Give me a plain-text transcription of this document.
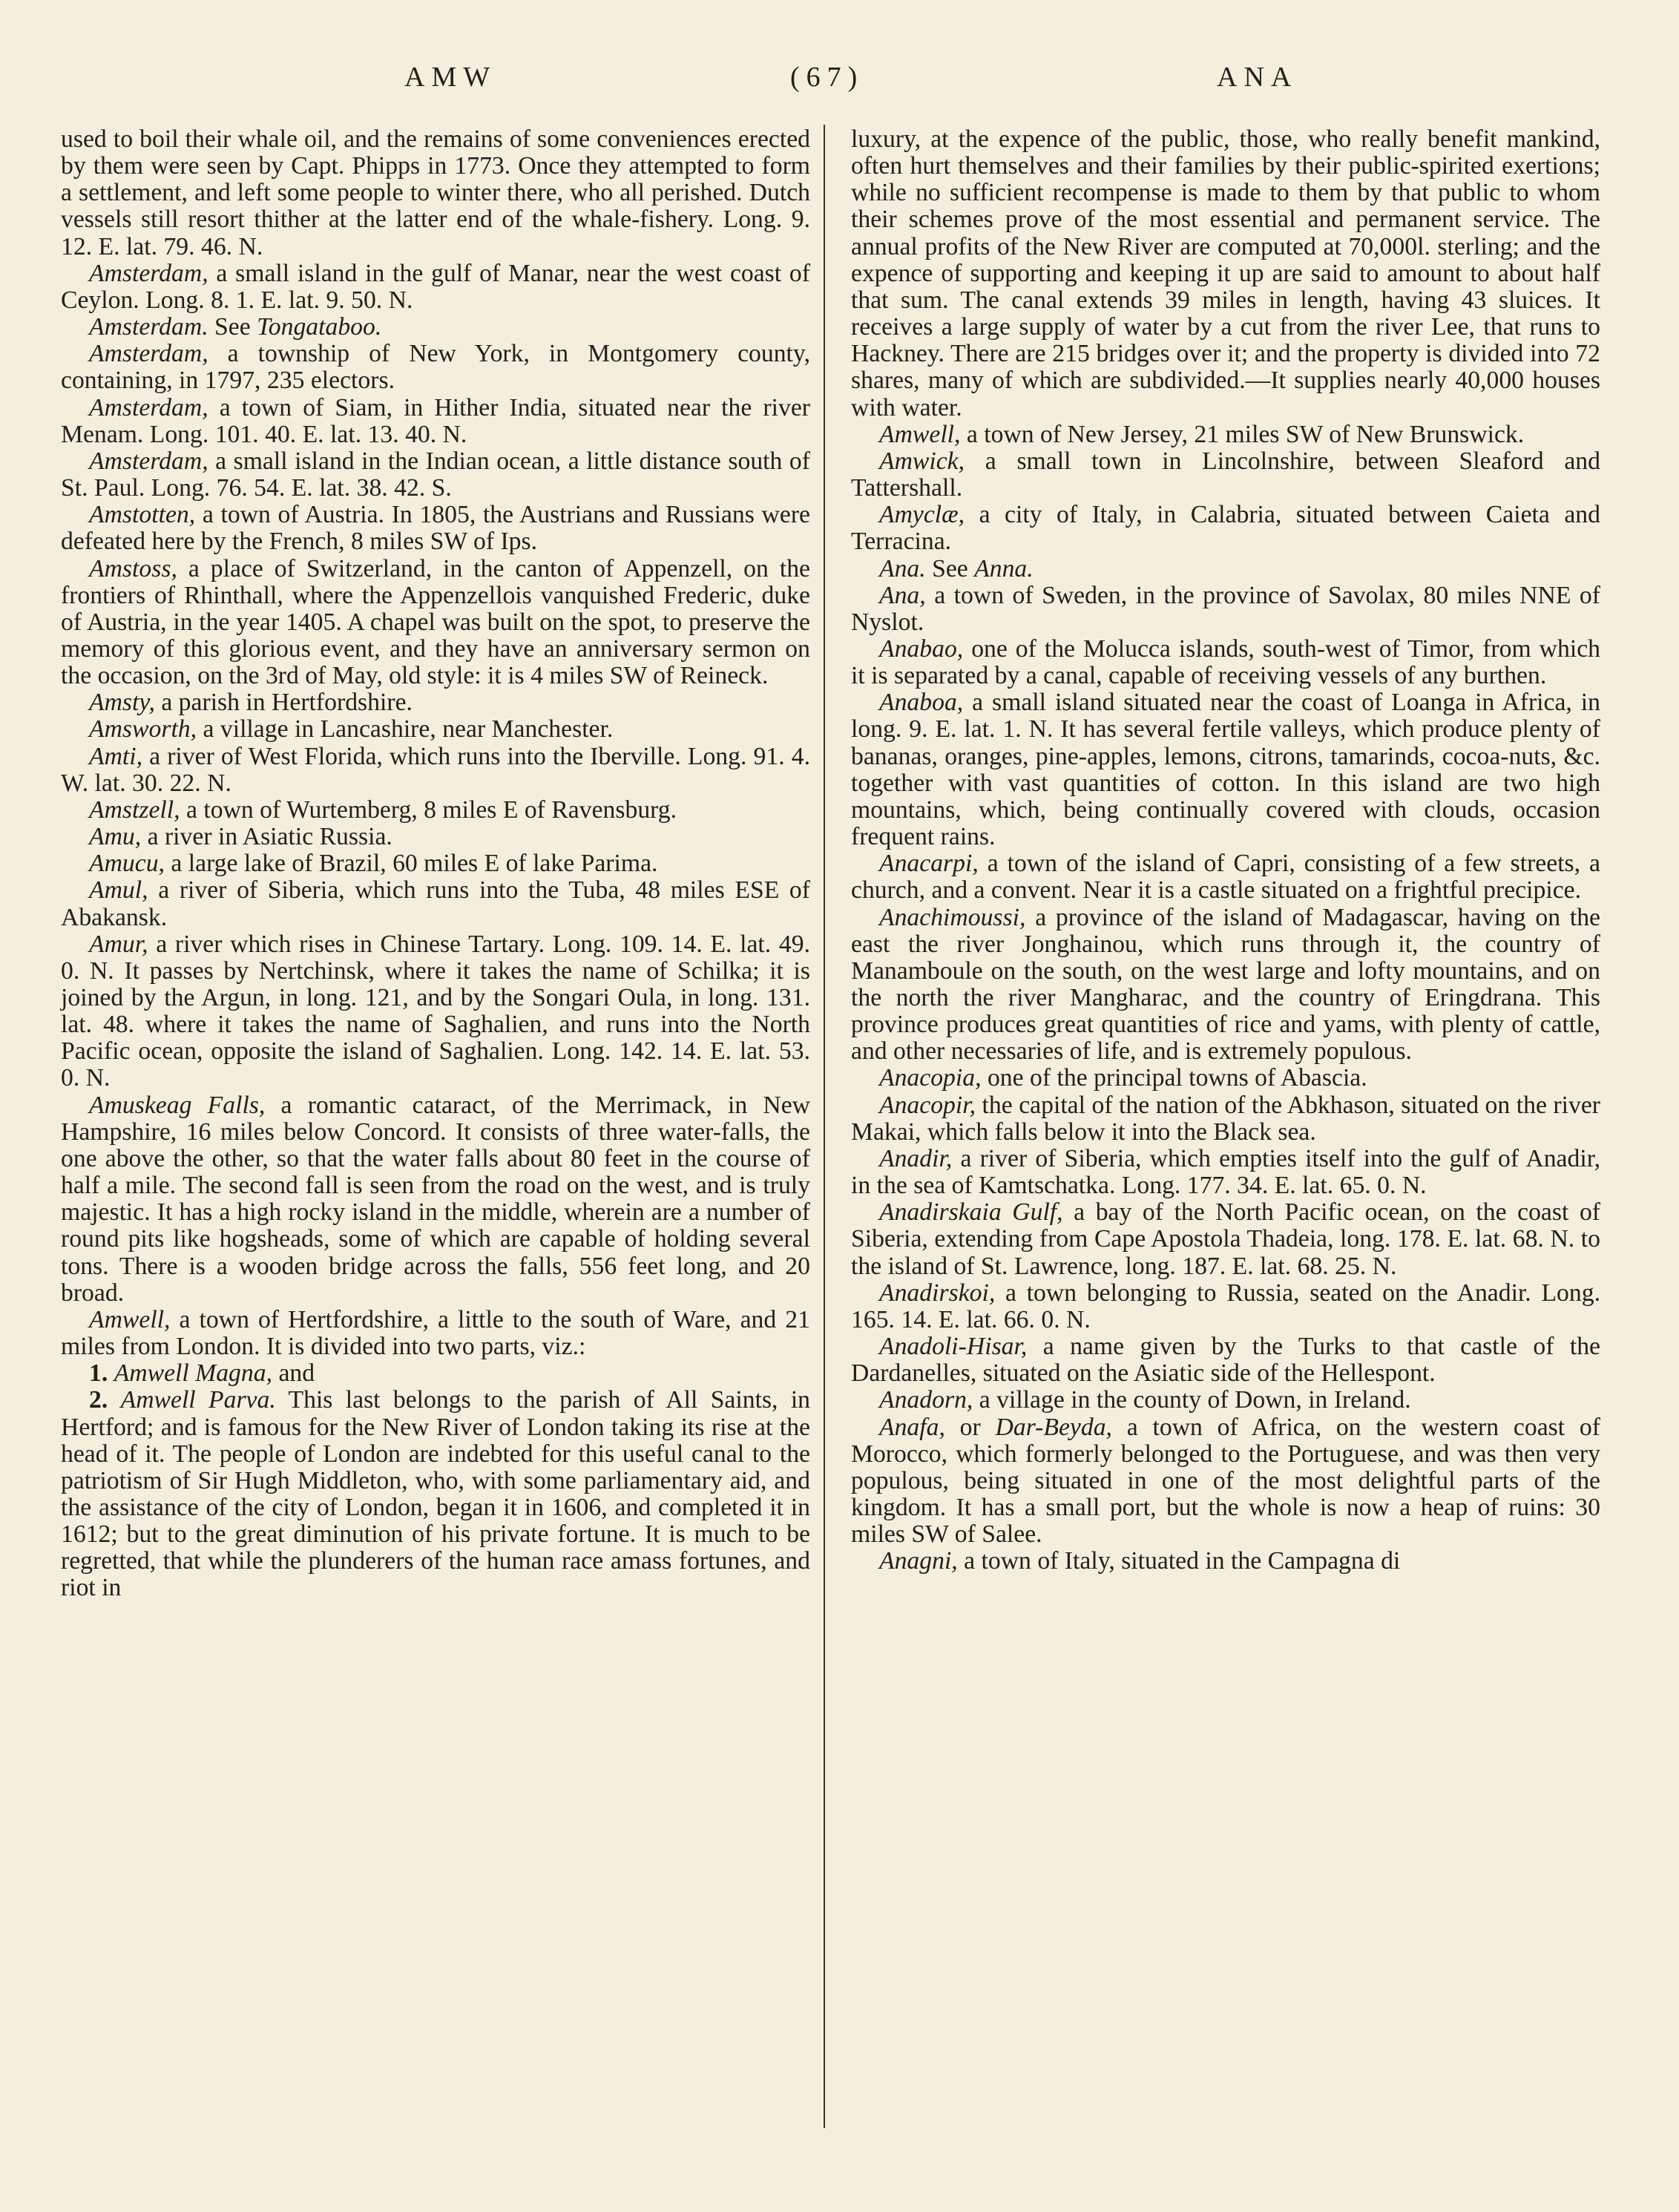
AMW	(67)	ANA

used to boil their whale oil, and the remains of some conveniences erected by them were seen by Capt. Phipps in 1773. Once they attempted to form a settlement, and left some people to winter there, who all perished. Dutch vessels still resort thither at the latter end of the whale-fishery. Long. 9. 12. E. lat. 79. 46. N.

Amsterdam, a small island in the gulf of Manar, near the west coast of Ceylon. Long. 8. 1. E. lat. 9. 50. N.

Amsterdam. See Tongataboo.

Amsterdam, a township of New York, in Montgomery county, containing, in 1797, 235 electors.

Amsterdam, a town of Siam, in Hither India, situated near the river Menam. Long. 101. 40. E. lat. 13. 40. N.

Amsterdam, a small island in the Indian ocean, a little distance south of St. Paul. Long. 76. 54. E. lat. 38. 42. S.

Amstotten, a town of Austria. In 1805, the Austrians and Russians were defeated here by the French, 8 miles SW of Ips.

Amstoss, a place of Switzerland, in the canton of Appenzell, on the frontiers of Rhinthall, where the Appenzellois vanquished Frederic, duke of Austria, in the year 1405. A chapel was built on the spot, to preserve the memory of this glorious event, and they have an anniversary sermon on the occasion, on the 3rd of May, old style: it is 4 miles SW of Reineck.

Amsty, a parish in Hertfordshire.

Amsworth, a village in Lancashire, near Manchester.

Amti, a river of West Florida, which runs into the Iberville. Long. 91. 4. W. lat. 30. 22. N.

Amstzell, a town of Wurtemberg, 8 miles E of Ravensburg.

Amu, a river in Asiatic Russia.

Amucu, a large lake of Brazil, 60 miles E of lake Parima.

Amul, a river of Siberia, which runs into the Tuba, 48 miles ESE of Abakansk.

Amur, a river which rises in Chinese Tartary. Long. 109. 14. E. lat. 49. 0. N. It passes by Nertchinsk, where it takes the name of Schilka; it is joined by the Argun, in long. 121, and by the Songari Oula, in long. 131. lat. 48. where it takes the name of Saghalien, and runs into the North Pacific ocean, opposite the island of Saghalien. Long. 142. 14. E. lat. 53. 0. N.

Amuskeag Falls, a romantic cataract, of the Merrimack, in New Hampshire, 16 miles below Concord. It consists of three water-falls, the one above the other, so that the water falls about 80 feet in the course of half a mile. The second fall is seen from the road on the west, and is truly majestic. It has a high rocky island in the middle, wherein are a number of round pits like hogsheads, some of which are capable of holding several tons. There is a wooden bridge across the falls, 556 feet long, and 20 broad.

Amwell, a town of Hertfordshire, a little to the south of Ware, and 21 miles from London. It is divided into two parts, viz.:

1. Amwell Magna, and

2. Amwell Parva. This last belongs to the parish of All Saints, in Hertford; and is famous for the New River of London taking its rise at the head of it. The people of London are indebted for this useful canal to the patriotism of Sir Hugh Middleton, who, with some parliamentary aid, and the assistance of the city of London, began it in 1606, and completed it in 1612; but to the great diminution of his private fortune. It is much to be regretted, that while the plunderers of the human race amass fortunes, and riot in

luxury, at the expence of the public, those, who really benefit mankind, often hurt themselves and their families by their public-spirited exertions; while no sufficient recompense is made to them by that public to whom their schemes prove of the most essential and permanent service. The annual profits of the New River are computed at 70,000l. sterling; and the expence of supporting and keeping it up are said to amount to about half that sum. The canal extends 39 miles in length, having 43 sluices. It receives a large supply of water by a cut from the river Lee, that runs to Hackney. There are 215 bridges over it; and the property is divided into 72 shares, many of which are subdivided.—It supplies nearly 40,000 houses with water.

Amwell, a town of New Jersey, 21 miles SW of New Brunswick.

Amwick, a small town in Lincolnshire, between Sleaford and Tattershall.

Amyclæ, a city of Italy, in Calabria, situated between Caieta and Terracina.

Ana. See Anna.

Ana, a town of Sweden, in the province of Savolax, 80 miles NNE of Nyslot.

Anabao, one of the Molucca islands, south-west of Timor, from which it is separated by a canal, capable of receiving vessels of any burthen.

Anaboa, a small island situated near the coast of Loanga in Africa, in long. 9. E. lat. 1. N. It has several fertile valleys, which produce plenty of bananas, oranges, pine-apples, lemons, citrons, tamarinds, cocoa-nuts, &c. together with vast quantities of cotton. In this island are two high mountains, which, being continually covered with clouds, occasion frequent rains.

Anacarpi, a town of the island of Capri, consisting of a few streets, a church, and a convent. Near it is a castle situated on a frightful precipice.

Anachimoussi, a province of the island of Madagascar, having on the east the river Jonghainou, which runs through it, the country of Manamboule on the south, on the west large and lofty mountains, and on the north the river Mangharac, and the country of Eringdrana. This province produces great quantities of rice and yams, with plenty of cattle, and other necessaries of life, and is extremely populous.

Anacopia, one of the principal towns of Abascia.

Anacopir, the capital of the nation of the Abkhason, situated on the river Makai, which falls below it into the Black sea.

Anadir, a river of Siberia, which empties itself into the gulf of Anadir, in the sea of Kamtschatka. Long. 177. 34. E. lat. 65. 0. N.

Anadirskaia Gulf, a bay of the North Pacific ocean, on the coast of Siberia, extending from Cape Apostola Thadeia, long. 178. E. lat. 68. N. to the island of St. Lawrence, long. 187. E. lat. 68. 25. N.

Anadirskoi, a town belonging to Russia, seated on the Anadir. Long. 165. 14. E. lat. 66. 0. N.

Anadoli-Hisar, a name given by the Turks to that castle of the Dardanelles, situated on the Asiatic side of the Hellespont.

Anadorn, a village in the county of Down, in Ireland.

Anafa, or Dar-Beyda, a town of Africa, on the western coast of Morocco, which formerly belonged to the Portuguese, and was then very populous, being situated in one of the most delightful parts of the kingdom. It has a small port, but the whole is now a heap of ruins: 30 miles SW of Salee.

Anagni, a town of Italy, situated in the Campagna di
